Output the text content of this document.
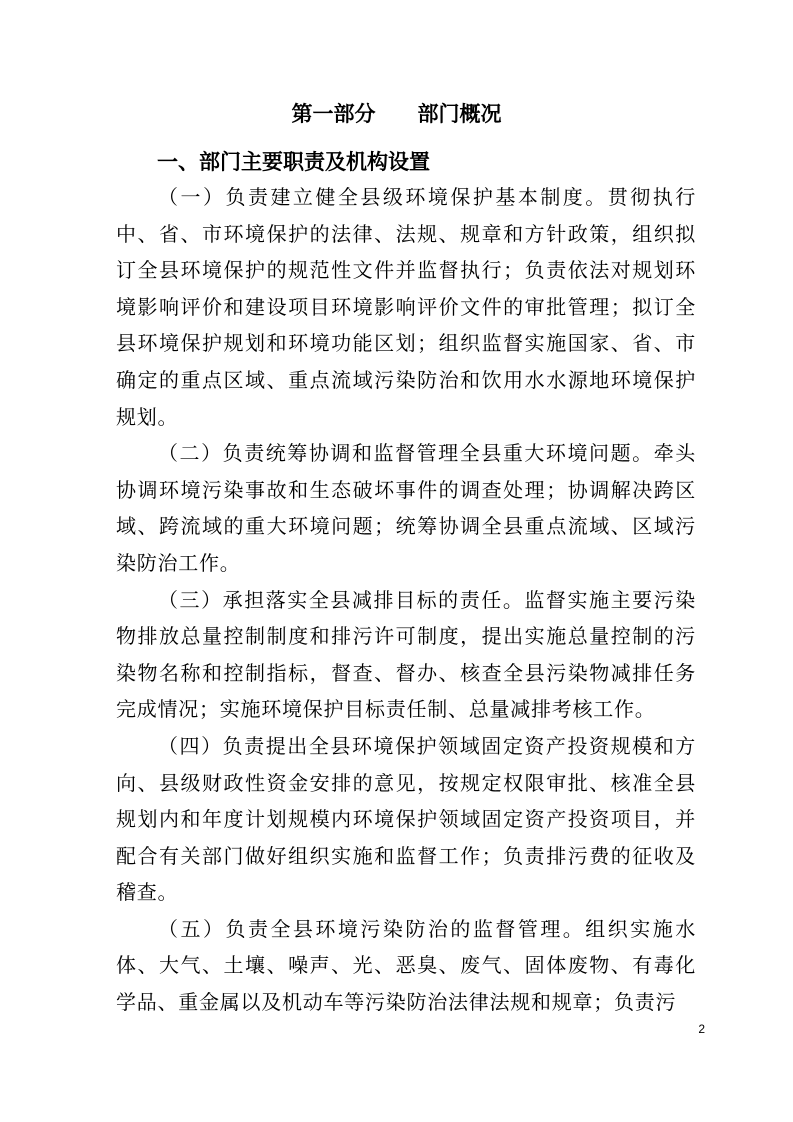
第一部分　　部门概况
一、部门主要职责及机构设置

（一）负责建立健全县级环境保护基本制度。贯彻执行中、省、市环境保护的法律、法规、规章和方针政策，组织拟订全县环境保护的规范性文件并监督执行；负责依法对规划环境影响评价和建设项目环境影响评价文件的审批管理；拟订全县环境保护规划和环境功能区划；组织监督实施国家、省、市确定的重点区域、重点流域污染防治和饮用水水源地环境保护规划。

（二）负责统筹协调和监督管理全县重大环境问题。牵头协调环境污染事故和生态破坏事件的调查处理；协调解决跨区域、跨流域的重大环境问题；统筹协调全县重点流域、区域污染防治工作。

（三）承担落实全县减排目标的责任。监督实施主要污染物排放总量控制制度和排污许可制度，提出实施总量控制的污染物名称和控制指标，督查、督办、核查全县污染物减排任务完成情况；实施环境保护目标责任制、总量减排考核工作。

（四）负责提出全县环境保护领域固定资产投资规模和方向、县级财政性资金安排的意见，按规定权限审批、核准全县规划内和年度计划规模内环境保护领域固定资产投资项目，并配合有关部门做好组织实施和监督工作；负责排污费的征收及稽查。

（五）负责全县环境污染防治的监督管理。组织实施水体、大气、土壤、噪声、光、恶臭、废气、固体废物、有毒化学品、重金属以及机动车等污染防治法律法规和规章；负责污

2
